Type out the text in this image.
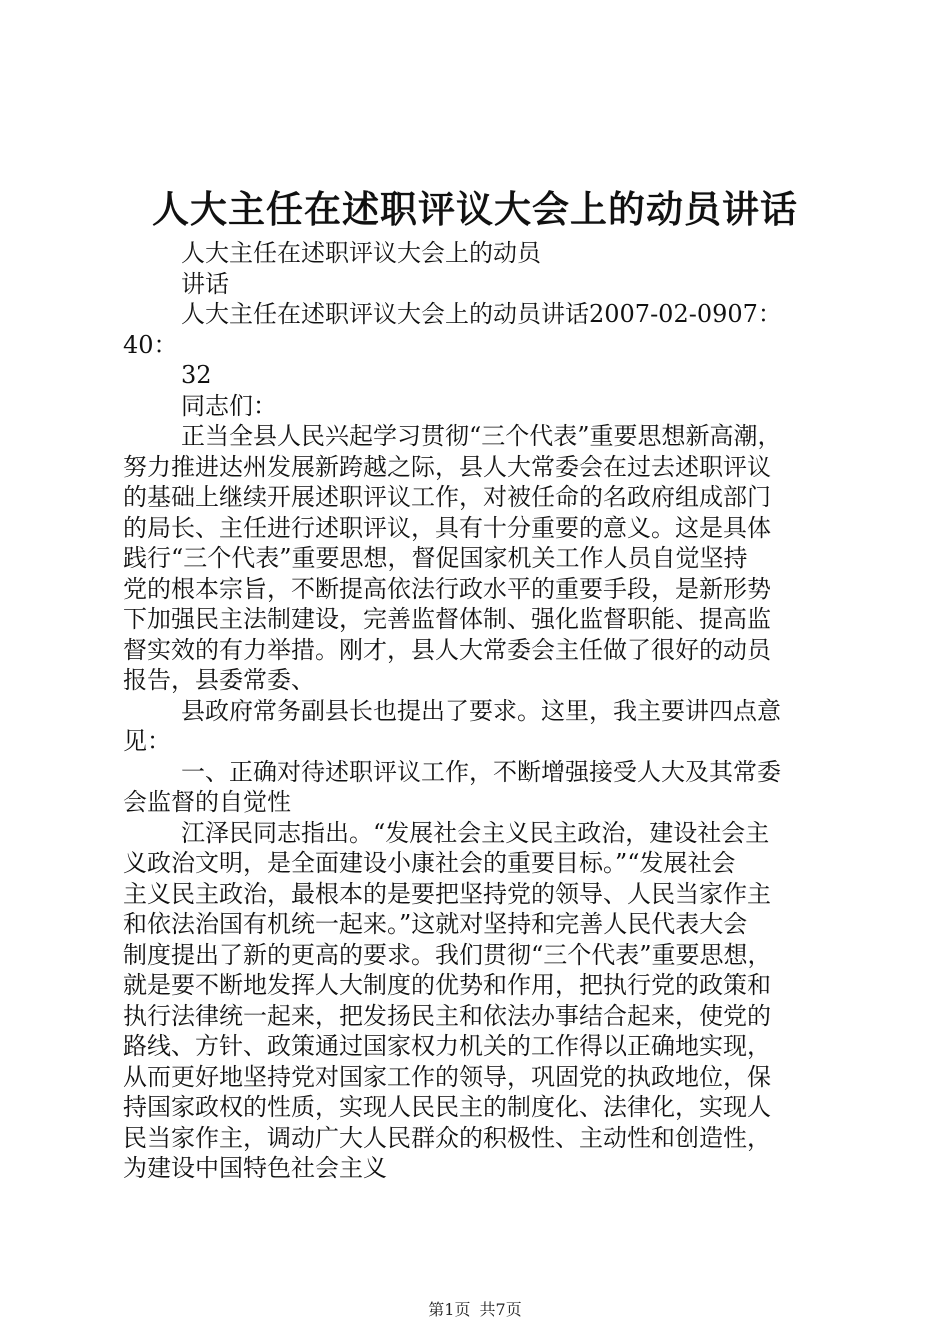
人大主任在述职评议大会上的动员讲话
人大主任在述职评议大会上的动员
讲话
人大主任在述职评议大会上的动员讲话2007-02-0907：
40：
32
同志们：
正当全县人民兴起学习贯彻“三个代表”重要思想新高潮，
努力推进达州发展新跨越之际，县人大常委会在过去述职评议
的基础上继续开展述职评议工作，对被任命的名政府组成部门
的局长、主任进行述职评议，具有十分重要的意义。这是具体
践行“三个代表”重要思想，督促国家机关工作人员自觉坚持
党的根本宗旨，不断提高依法行政水平的重要手段，是新形势
下加强民主法制建设，完善监督体制、强化监督职能、提高监
督实效的有力举措。刚才，县人大常委会主任做了很好的动员
报告，县委常委、
县政府常务副县长也提出了要求。这里，我主要讲四点意
见：
一、正确对待述职评议工作，不断增强接受人大及其常委
会监督的自觉性
江泽民同志指出。“发展社会主义民主政治，建设社会主
义政治文明，是全面建设小康社会的重要目标。”“发展社会
主义民主政治，最根本的是要把坚持党的领导、人民当家作主
和依法治国有机统一起来。”这就对坚持和完善人民代表大会
制度提出了新的更高的要求。我们贯彻“三个代表”重要思想，
就是要不断地发挥人大制度的优势和作用，把执行党的政策和
执行法律统一起来，把发扬民主和依法办事结合起来，使党的
路线、方针、政策通过国家权力机关的工作得以正确地实现，
从而更好地坚持党对国家工作的领导，巩固党的执政地位，保
持国家政权的性质，实现人民民主的制度化、法律化，实现人
民当家作主，调动广大人民群众的积极性、主动性和创造性，
为建设中国特色社会主义
第1页 共7页
